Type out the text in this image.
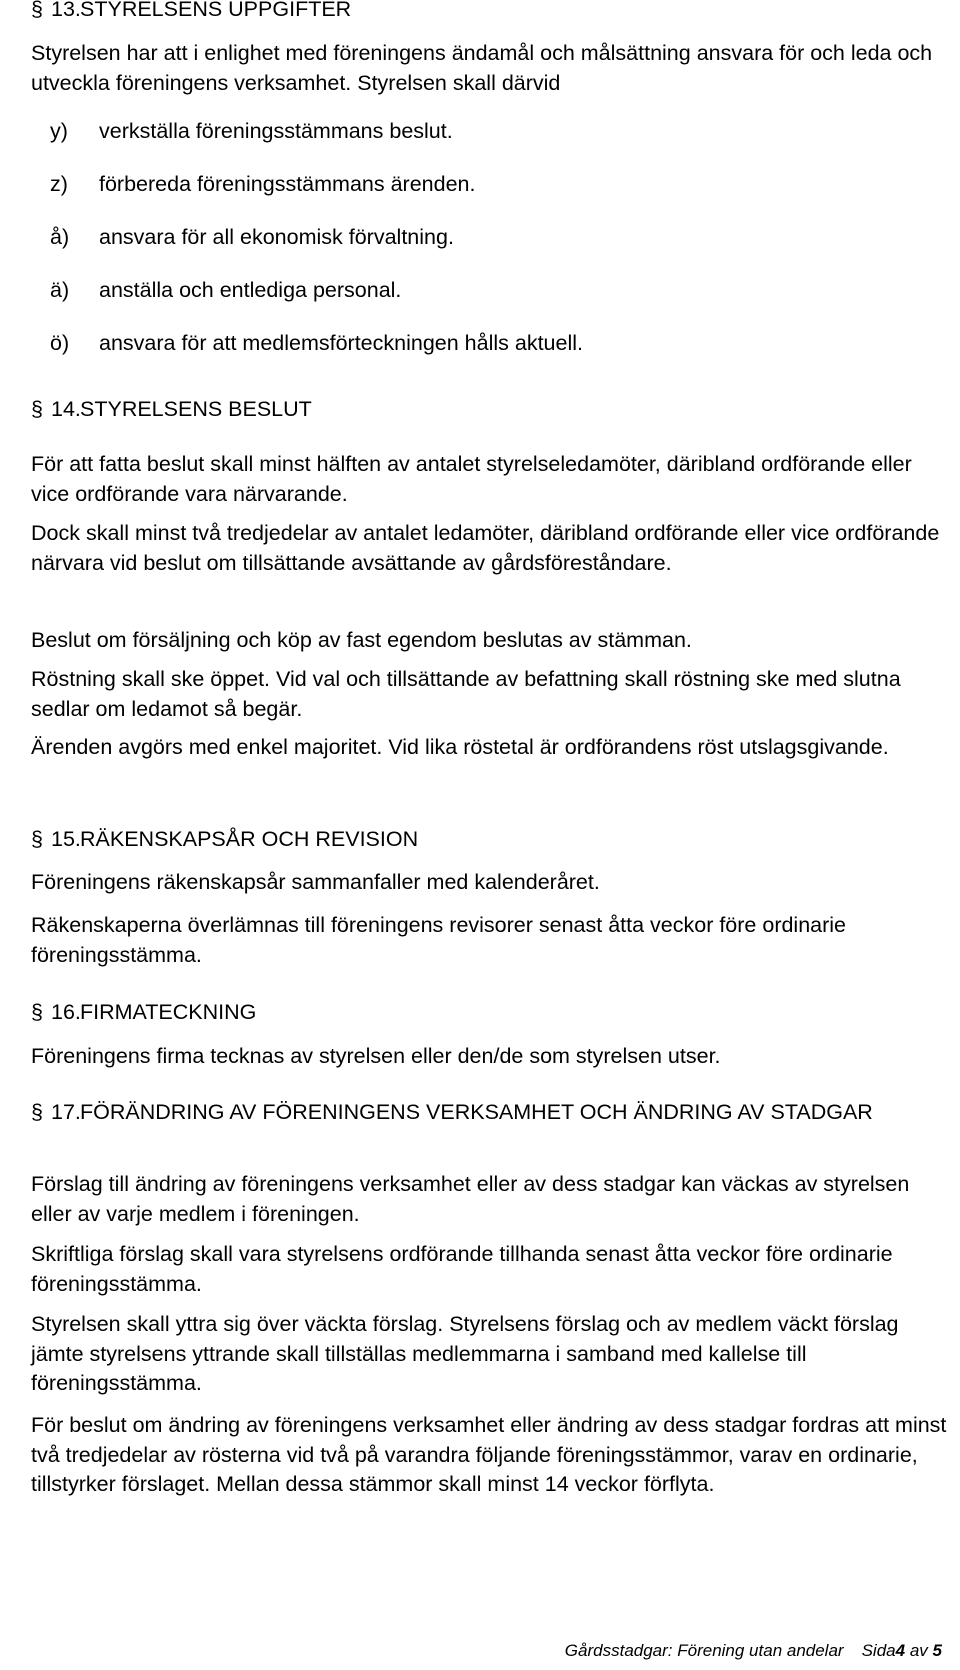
§ 13. STYRELSENS UPPGIFTER

Styrelsen har att i enlighet med föreningens ändamål och målsättning ansvara för och leda och utveckla föreningens verksamhet. Styrelsen skall därvid

y) verkställa föreningsstämmans beslut.
z) förbereda föreningsstämmans ärenden.
å) ansvara för all ekonomisk förvaltning.
ä) anställa och entlediga personal.
ö) ansvara för att medlemsförteckningen hålls aktuell.
§ 14. STYRELSENS BESLUT

För att fatta beslut skall minst hälften av antalet styrelseledamöter, däribland ordförande eller vice ordförande vara närvarande.

Dock skall minst två tredjedelar av antalet ledamöter, däribland ordförande eller vice ordförande närvara vid beslut om tillsättande avsättande av gårdsföreståndare.

Beslut om försäljning och köp av fast egendom beslutas av stämman.

Röstning skall ske öppet. Vid val och tillsättande av befattning skall röstning ske med slutna sedlar om ledamot så begär.

Ärenden avgörs med enkel majoritet. Vid lika röstetal är ordförandens röst utslagsgivande.

§ 15. RÄKENSKAPSÅR OCH REVISION

Föreningens räkenskapsår sammanfaller med kalenderåret.

Räkenskaperna överlämnas till föreningens revisorer senast åtta veckor före ordinarie föreningsstämma.

§ 16. FIRMATECKNING

Föreningens firma tecknas av styrelsen eller den/de som styrelsen utser.

§ 17. FÖRÄNDRING AV FÖRENINGENS VERKSAMHET OCH ÄNDRING AV STADGAR

Förslag till ändring av föreningens verksamhet eller av dess stadgar kan väckas av styrelsen eller av varje medlem i föreningen.

Skriftliga förslag skall vara styrelsens ordförande tillhanda senast åtta veckor före ordinarie föreningsstämma.

Styrelsen skall yttra sig över väckta förslag. Styrelsens förslag och av medlem väckt förslag jämte styrelsens yttrande skall tillställas medlemmarna i samband med kallelse till föreningsstämma.

För beslut om ändring av föreningens verksamhet eller ändring av dess stadgar fordras att minst två tredjedelar av rösterna vid två på varandra följande föreningsstämmor, varav en ordinarie, tillstyrker förslaget. Mellan dessa stämmor skall minst 14 veckor förflyta.

Gårdsstadgar: Förening utan andelar Sida4 av 5
